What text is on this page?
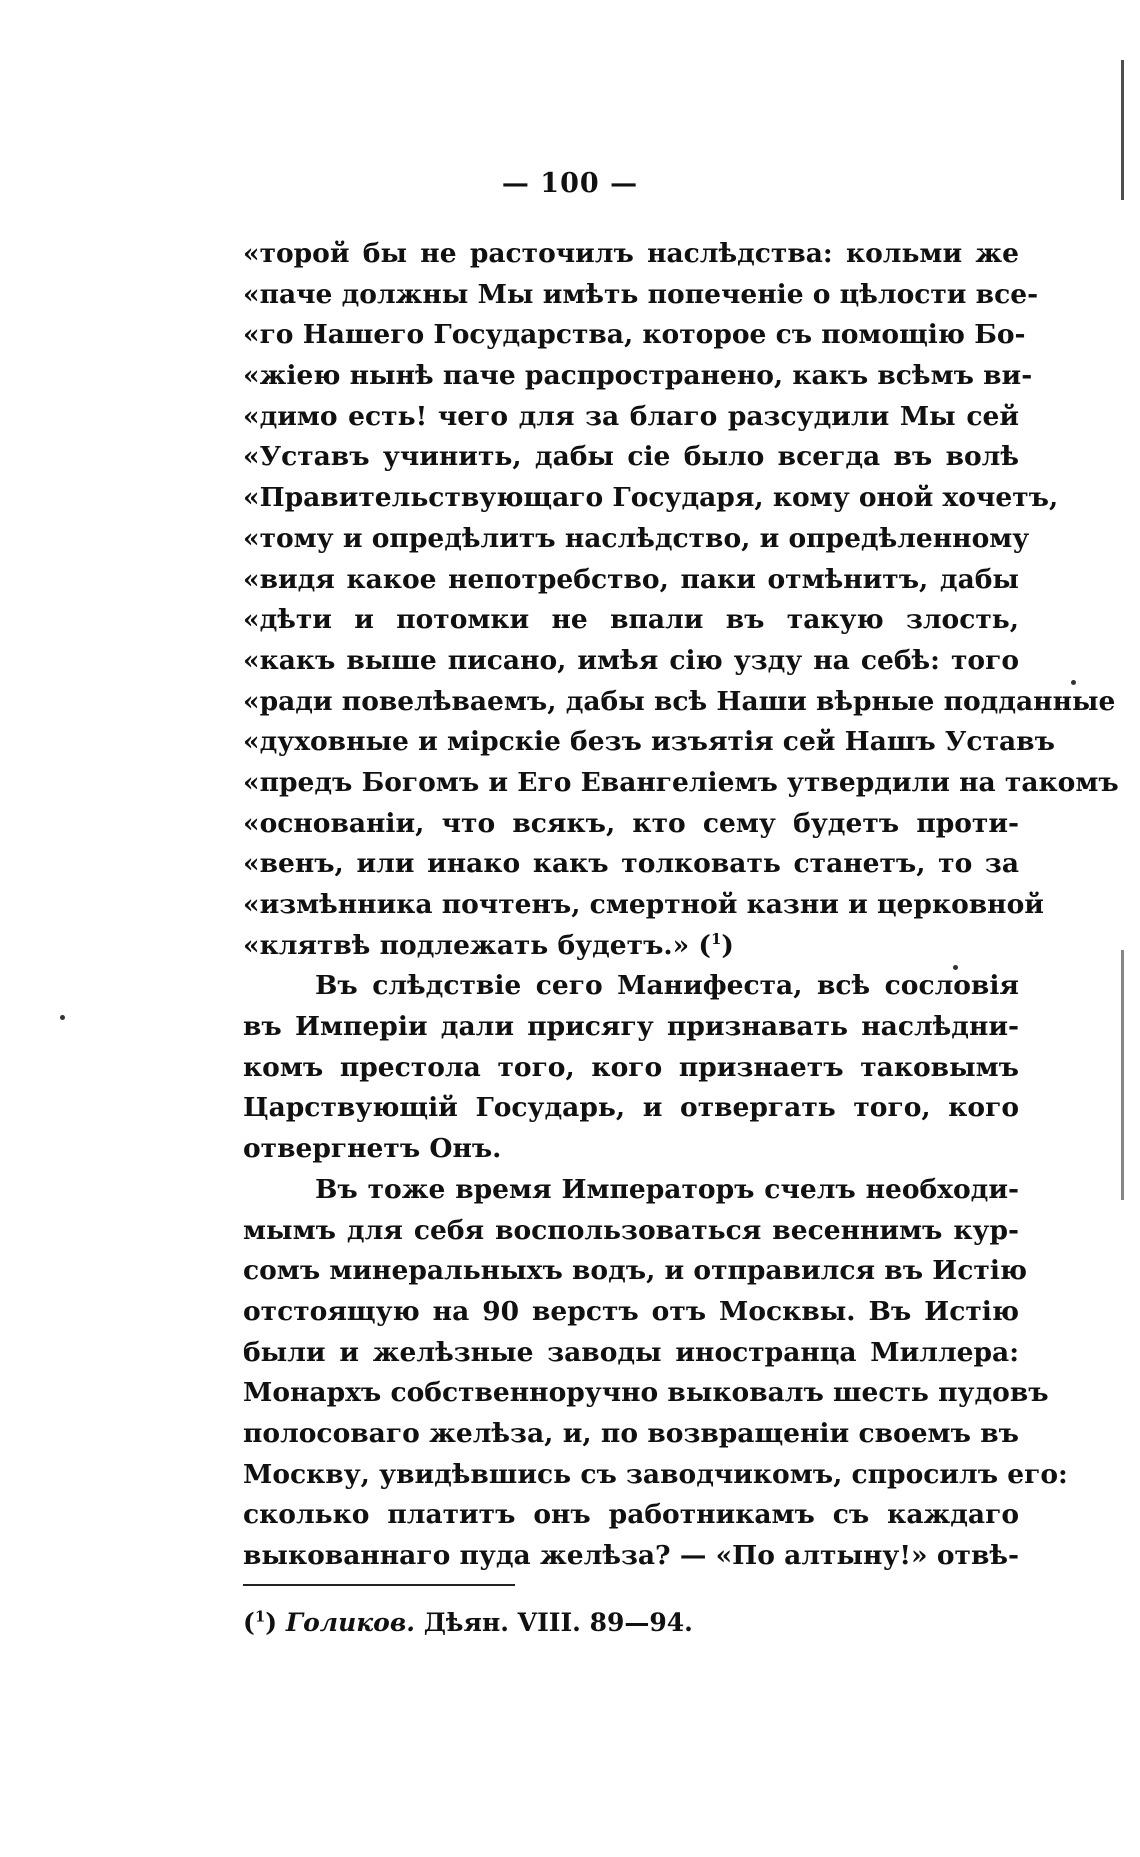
— 100 —
«торой бы не расточилъ наслѣдства: кольми же
«паче должны Мы имѣть попеченіе о цѣлости все-
«го Нашего Государства, которое съ помощію Бо-
«жіею нынѣ паче распространено, какъ всѣмъ ви-
«димо есть! чего для за благо разсудили Мы сей
«Уставъ учинить, дабы сіе было всегда въ волѣ
«Правительствующаго Государя, кому оной хочетъ,
«тому и опредѣлитъ наслѣдство, и опредѣленному
«видя какое непотребство, паки отмѣнитъ, дабы
«дѣти и потомки не впали въ такую злость,
«какъ выше писано, имѣя сію узду на себѣ: того
«ради повелѣваемъ, дабы всѣ Наши вѣрные подданные
«духовные и мірскіе безъ изъятія сей Нашъ Уставъ
«предъ Богомъ и Его Евангеліемъ утвердили на такомъ
«основаніи, что всякъ, кто сему будетъ проти-
«венъ, или инако какъ толковать станетъ, то за
«измѣнника почтенъ, смертной казни и церковной
«клятвѣ подлежать будетъ.» ($^1$)
Въ слѣдствіе сего Манифеста, всѣ сословія
въ Имперіи дали присягу признавать наслѣдни-
комъ престола того, кого признаетъ таковымъ
Царствующій Государь, и отвергать того, кого
отвергнетъ Онъ.
Въ тоже время Императоръ счелъ необходи-
мымъ для себя воспользоваться весеннимъ кур-
сомъ минеральныхъ водъ, и отправился въ Истію
отстоящую на 90 верстъ отъ Москвы. Въ Истію
были и желѣзные заводы иностранца Миллера:
Монархъ собственноручно выковалъ шесть пудовъ
полосоваго желѣза, и, по возвращеніи своемъ въ
Москву, увидѣвшись съ заводчикомъ, спросилъ его:
сколько платитъ онъ работникамъ съ каждаго
выкованнаго пуда желѣза? — «По алтыну!» отвѣ-
($^1$) Голиков. Дѣян. VIII. 89—94.
